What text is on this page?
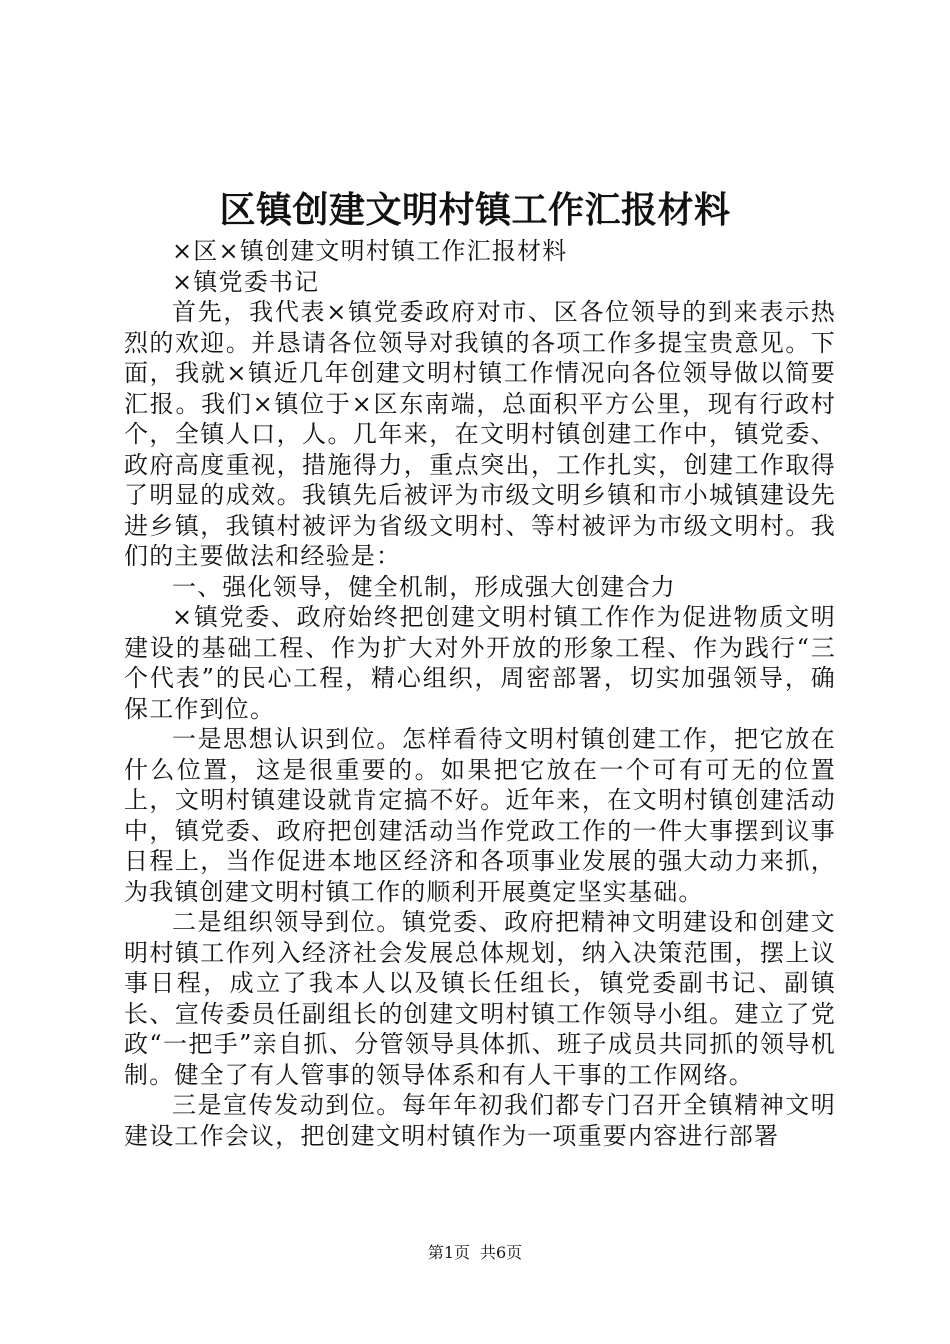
区镇创建文明村镇工作汇报材料

×区×镇创建文明村镇工作汇报材料

×镇党委书记

首先，我代表×镇党委政府对市、区各位领导的到来表示热烈的欢迎。并恳请各位领导对我镇的各项工作多提宝贵意见。下面，我就×镇近几年创建文明村镇工作情况向各位领导做以简要汇报。我们×镇位于×区东南端，总面积平方公里，现有行政村个，全镇人口，人。几年来，在文明村镇创建工作中，镇党委、政府高度重视，措施得力，重点突出，工作扎实，创建工作取得了明显的成效。我镇先后被评为市级文明乡镇和市小城镇建设先进乡镇，我镇村被评为省级文明村、等村被评为市级文明村。我们的主要做法和经验是：

一、强化领导，健全机制，形成强大创建合力

×镇党委、政府始终把创建文明村镇工作作为促进物质文明建设的基础工程、作为扩大对外开放的形象工程、作为践行“三个代表”的民心工程，精心组织，周密部署，切实加强领导，确保工作到位。

一是思想认识到位。怎样看待文明村镇创建工作，把它放在什么位置，这是很重要的。如果把它放在一个可有可无的位置上，文明村镇建设就肯定搞不好。近年来，在文明村镇创建活动中，镇党委、政府把创建活动当作党政工作的一件大事摆到议事日程上，当作促进本地区经济和各项事业发展的强大动力来抓，为我镇创建文明村镇工作的顺利开展奠定坚实基础。

二是组织领导到位。镇党委、政府把精神文明建设和创建文明村镇工作列入经济社会发展总体规划，纳入决策范围，摆上议事日程，成立了我本人以及镇长任组长，镇党委副书记、副镇长、宣传委员任副组长的创建文明村镇工作领导小组。建立了党政“一把手”亲自抓、分管领导具体抓、班子成员共同抓的领导机制。健全了有人管事的领导体系和有人干事的工作网络。

三是宣传发动到位。每年年初我们都专门召开全镇精神文明建设工作会议，把创建文明村镇作为一项重要内容进行部署

第1页 共6页
